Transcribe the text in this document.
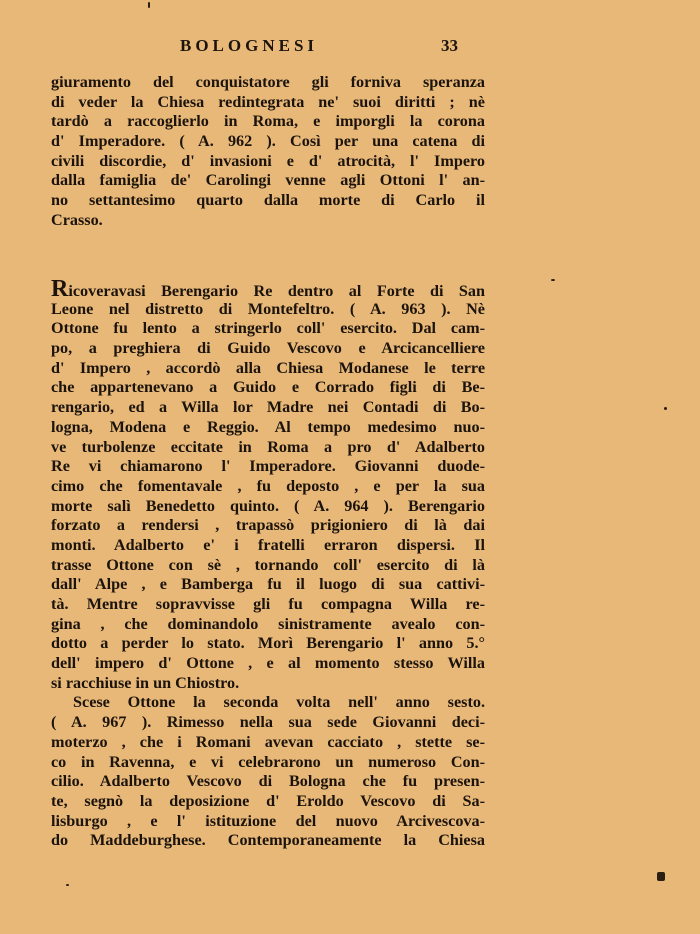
BOLOGNESI	33
giuramento del conquistatore gli forniva speranza
di veder la Chiesa redintegrata ne' suoi diritti ; nè
tardò a raccoglierlo in Roma, e imporgli la corona
d' Imperadore. ( A. 962 ). Così per una catena di
civili discordie, d' invasioni e d' atrocità, l' Impero
dalla famiglia de' Carolingi venne agli Ottoni l' an-
no settantesimo quarto dalla morte di Carlo il
Crasso.
Ricoveravasi Berengario Re dentro al Forte di San
Leone nel distretto di Montefeltro. ( A. 963 ). Nè
Ottone fu lento a stringerlo coll' esercito. Dal cam-
po, a preghiera di Guido Vescovo e Arcicancelliere
d' Impero , accordò alla Chiesa Modanese le terre
che appartenevano a Guido e Corrado figli di Be-
rengario, ed a Willa lor Madre nei Contadi di Bo-
logna, Modena e Reggio. Al tempo medesimo nuo-
ve turbolenze eccitate in Roma a pro d' Adalberto
Re vi chiamarono l' Imperadore. Giovanni duode-
cimo che fomentavale , fu deposto , e per la sua
morte salì Benedetto quinto. ( A. 964 ). Berengario
forzato a rendersi , trapassò prigioniero di là dai
monti. Adalberto e' i fratelli erraron dispersi. Il
trasse Ottone con sè , tornando coll' esercito di là
dall' Alpe , e Bamberga fu il luogo di sua cattivi-
tà. Mentre sopravvisse gli fu compagna Willa re-
gina , che dominandolo sinistramente avealo con-
dotto a perder lo stato. Morì Berengario l' anno 5.°
dell' impero d' Ottone , e al momento stesso Willa
si racchiuse in un Chiostro.
Scese Ottone la seconda volta nell' anno sesto.
( A. 967 ). Rimesso nella sua sede Giovanni deci-
moterzo , che i Romani avevan cacciato , stette se-
co in Ravenna, e vi celebrarono un numeroso Con-
cilio. Adalberto Vescovo di Bologna che fu presen-
te, segnò la deposizione d' Eroldo Vescovo di Sa-
lisburgo , e l' istituzione del nuovo Arcivescova-
do Maddeburghese. Contemporaneamente la Chiesa
